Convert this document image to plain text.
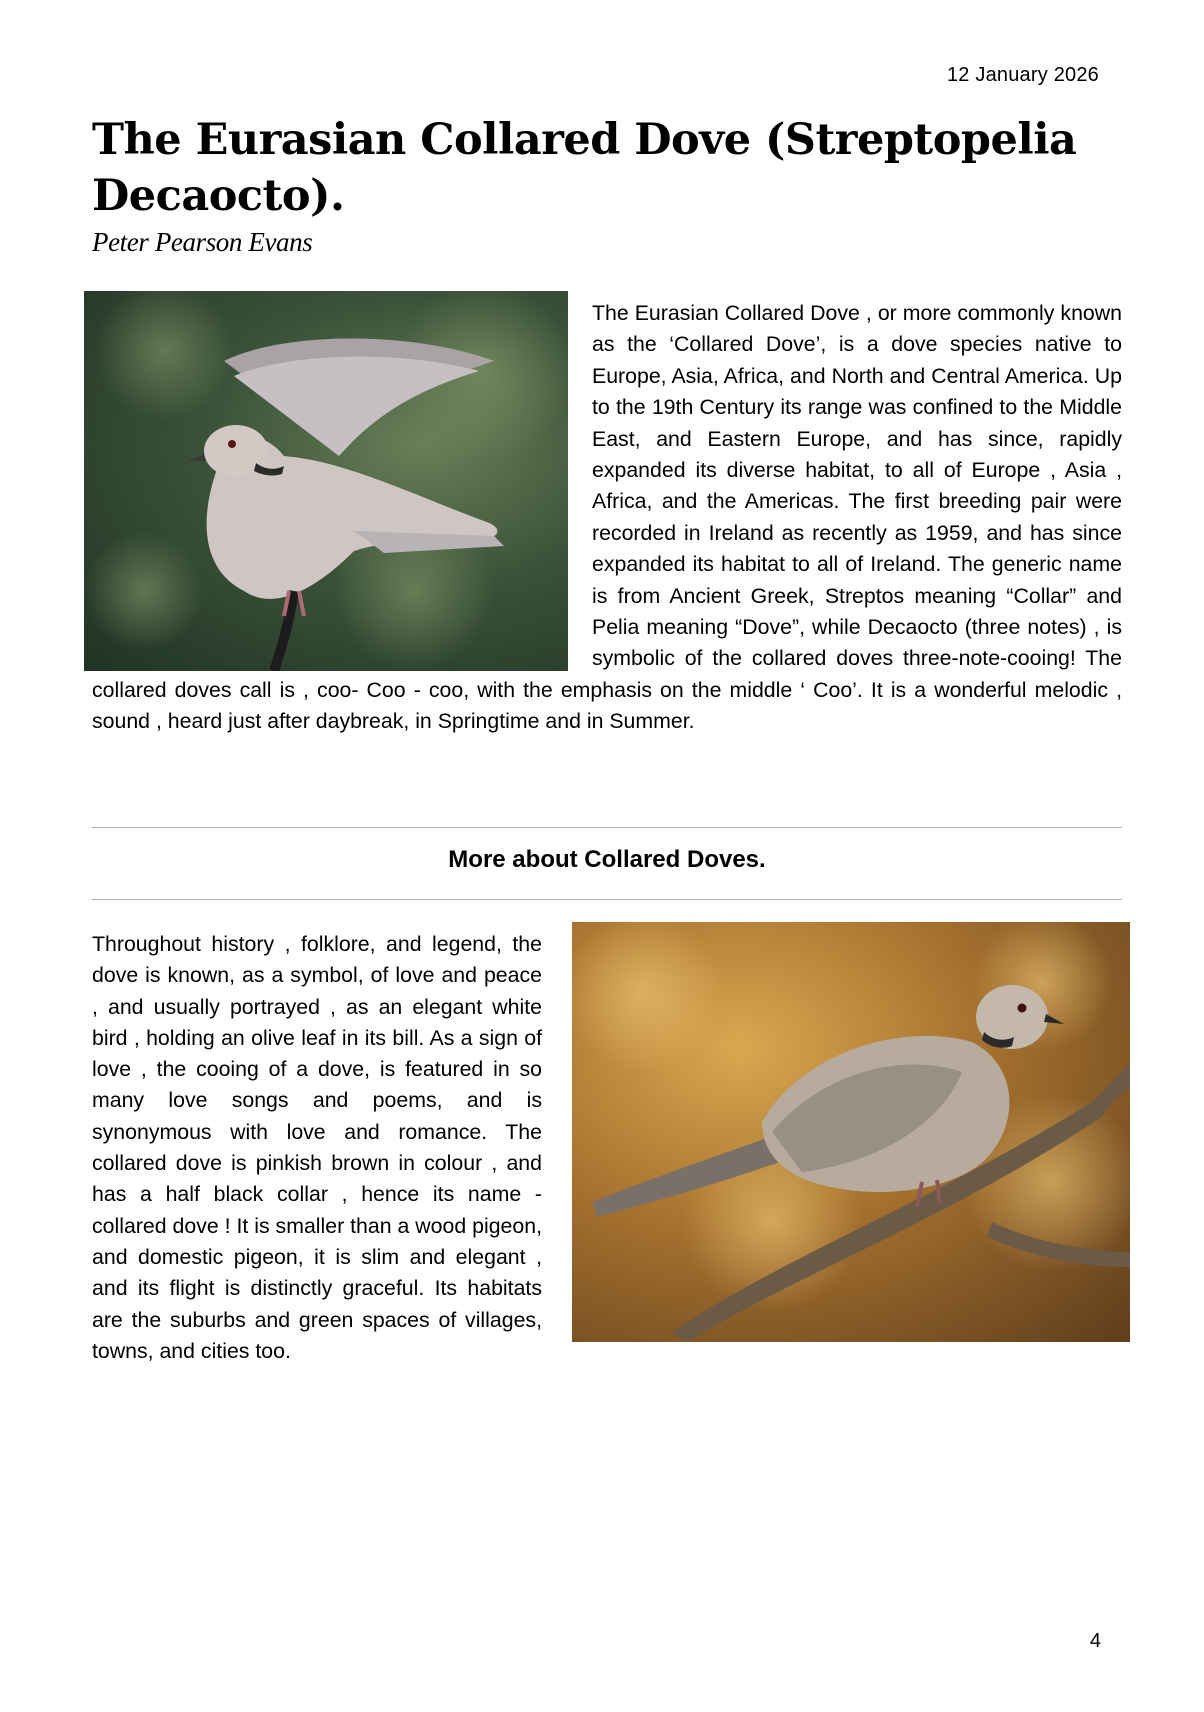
12 January 2026
The Eurasian Collared Dove (Streptopelia Decaocto).
Peter Pearson Evans

The Eurasian Collared Dove , or more commonly known as the ‘Collared Dove’, is a dove species native to Europe, Asia, Africa, and North and Central America. Up to the 19th Century its range was confined to the Middle East, and Eastern Europe, and has since, rapidly expanded its diverse habitat, to all of Europe , Asia , Africa, and the Americas. The first breeding pair were recorded in Ireland as recently as 1959, and has since expanded its habitat to all of Ireland. The generic name is from Ancient Greek, Streptos meaning “Collar” and Pelia meaning “Dove”, while Decaocto (three notes) , is symbolic of the collared doves three-note-cooing! The collared doves call is , coo- Coo - coo, with the emphasis on the middle ‘ Coo’. It is a wonderful melodic , sound , heard just after daybreak, in Springtime and in Summer.

More about Collared Doves.

Throughout history , folklore, and legend, the dove is known, as a symbol, of love and peace , and usually portrayed , as an elegant white bird , holding an olive leaf in its bill. As a sign of love , the cooing of a dove, is featured in so many love songs and poems, and is synonymous with love and romance. The collared dove is pinkish brown in colour , and has a half black collar , hence its name - collared dove ! It is smaller than a wood pigeon, and domestic pigeon, it is slim and elegant , and its flight is distinctly graceful. Its habitats are the suburbs and green spaces of villages, towns, and cities too.

4
